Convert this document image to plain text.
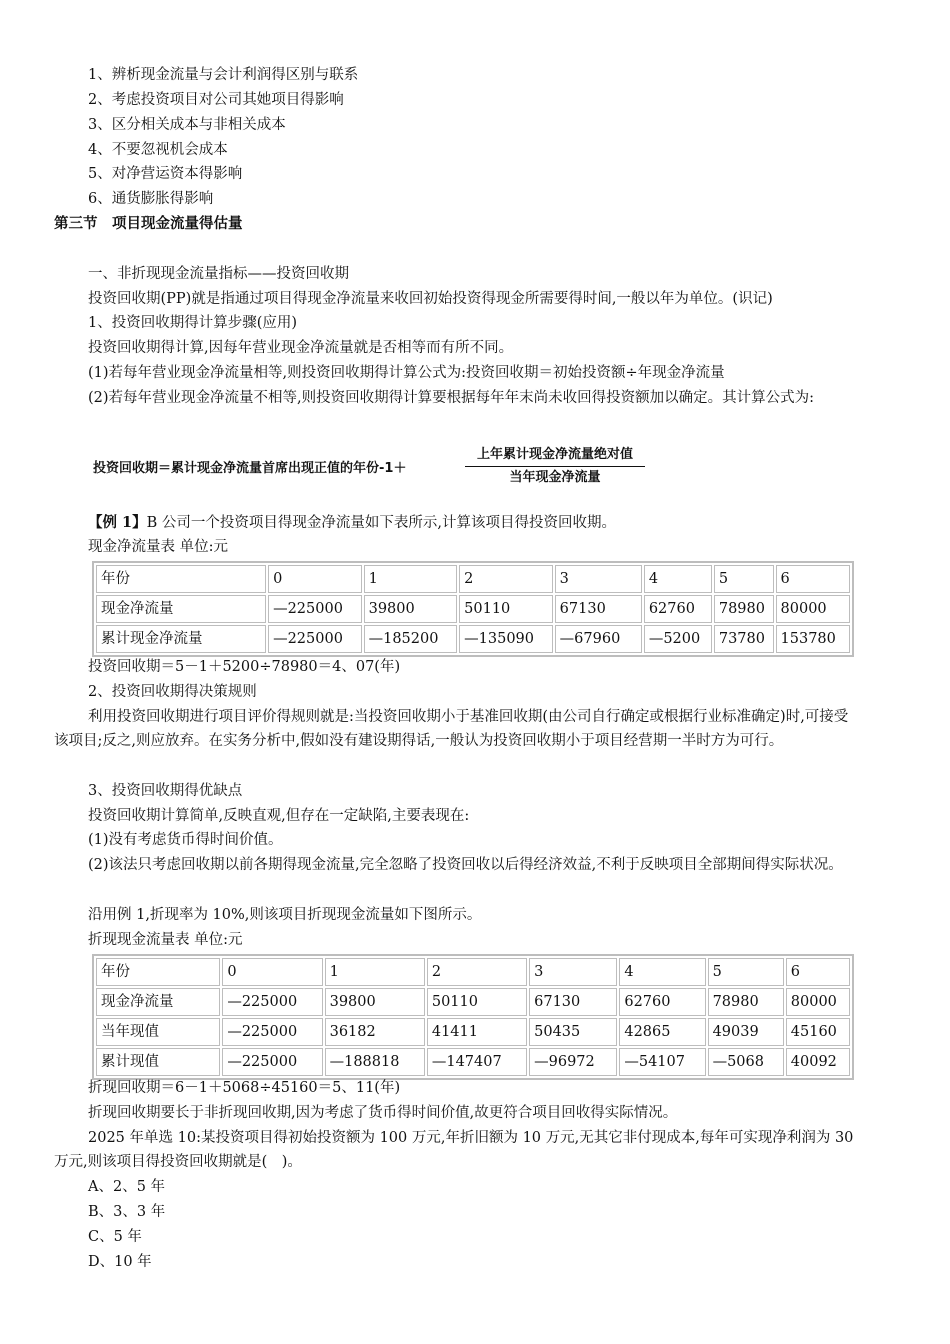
1、辨析现金流量与会计利润得区别与联系
2、考虑投资项目对公司其她项目得影响
3、区分相关成本与非相关成本
4、不要忽视机会成本
5、对净营运资本得影响
6、通货膨胀得影响
第三节　项目现金流量得估量
一、非折现现金流量指标——投资回收期
投资回收期(PP)就是指通过项目得现金净流量来收回初始投资得现金所需要得时间,一般以年为单位。(识记)
1、投资回收期得计算步骤(应用)
投资回收期得计算,因每年营业现金净流量就是否相等而有所不同。
(1)若每年营业现金净流量相等,则投资回收期得计算公式为:投资回收期＝初始投资额÷年现金净流量
(2)若每年营业现金净流量不相等,则投资回收期得计算要根据每年年末尚未收回得投资额加以确定。其计算公式为:
投资回收期＝累计现金净流量首席出现正值的年份-1＋
上年累计现金净流量绝对值
当年现金净流量
【例 1】B 公司一个投资项目得现金净流量如下表所示,计算该项目得投资回收期。
现金净流量表 单位:元
年份	0	1	2	3	4	5	6
现金净流量	—225000	39800	50110	67130	62760	78980	80000
累计现金净流量	—225000	—185200	—135090	—67960	—5200	73780	153780
投资回收期＝5－1＋5200÷78980＝4、07(年)
2、投资回收期得决策规则
利用投资回收期进行项目评价得规则就是:当投资回收期小于基准回收期(由公司自行确定或根据行业标准确定)时,可接受该项目;反之,则应放弃。在实务分析中,假如没有建设期得话,一般认为投资回收期小于项目经营期一半时方为可行。
3、投资回收期得优缺点
投资回收期计算简单,反映直观,但存在一定缺陷,主要表现在:
(1)没有考虑货币得时间价值。
(2)该法只考虑回收期以前各期得现金流量,完全忽略了投资回收以后得经济效益,不利于反映项目全部期间得实际状况。
沿用例 1,折现率为 10%,则该项目折现现金流量如下图所示。
折现现金流量表 单位:元
年份	0	1	2	3	4	5	6
现金净流量	—225000	39800	50110	67130	62760	78980	80000
当年现值	—225000	36182	41411	50435	42865	49039	45160
累计现值	—225000	—188818	—147407	—96972	—54107	—5068	40092
折现回收期＝6－1＋5068÷45160＝5、11(年)
折现回收期要长于非折现回收期,因为考虑了货币得时间价值,故更符合项目回收得实际情况。
2025 年单选 10:某投资项目得初始投资额为 100 万元,年折旧额为 10 万元,无其它非付现成本,每年可实现净利润为 30 万元,则该项目得投资回收期就是(　)。
A、2、5 年
B、3、3 年
C、5 年
D、10 年
